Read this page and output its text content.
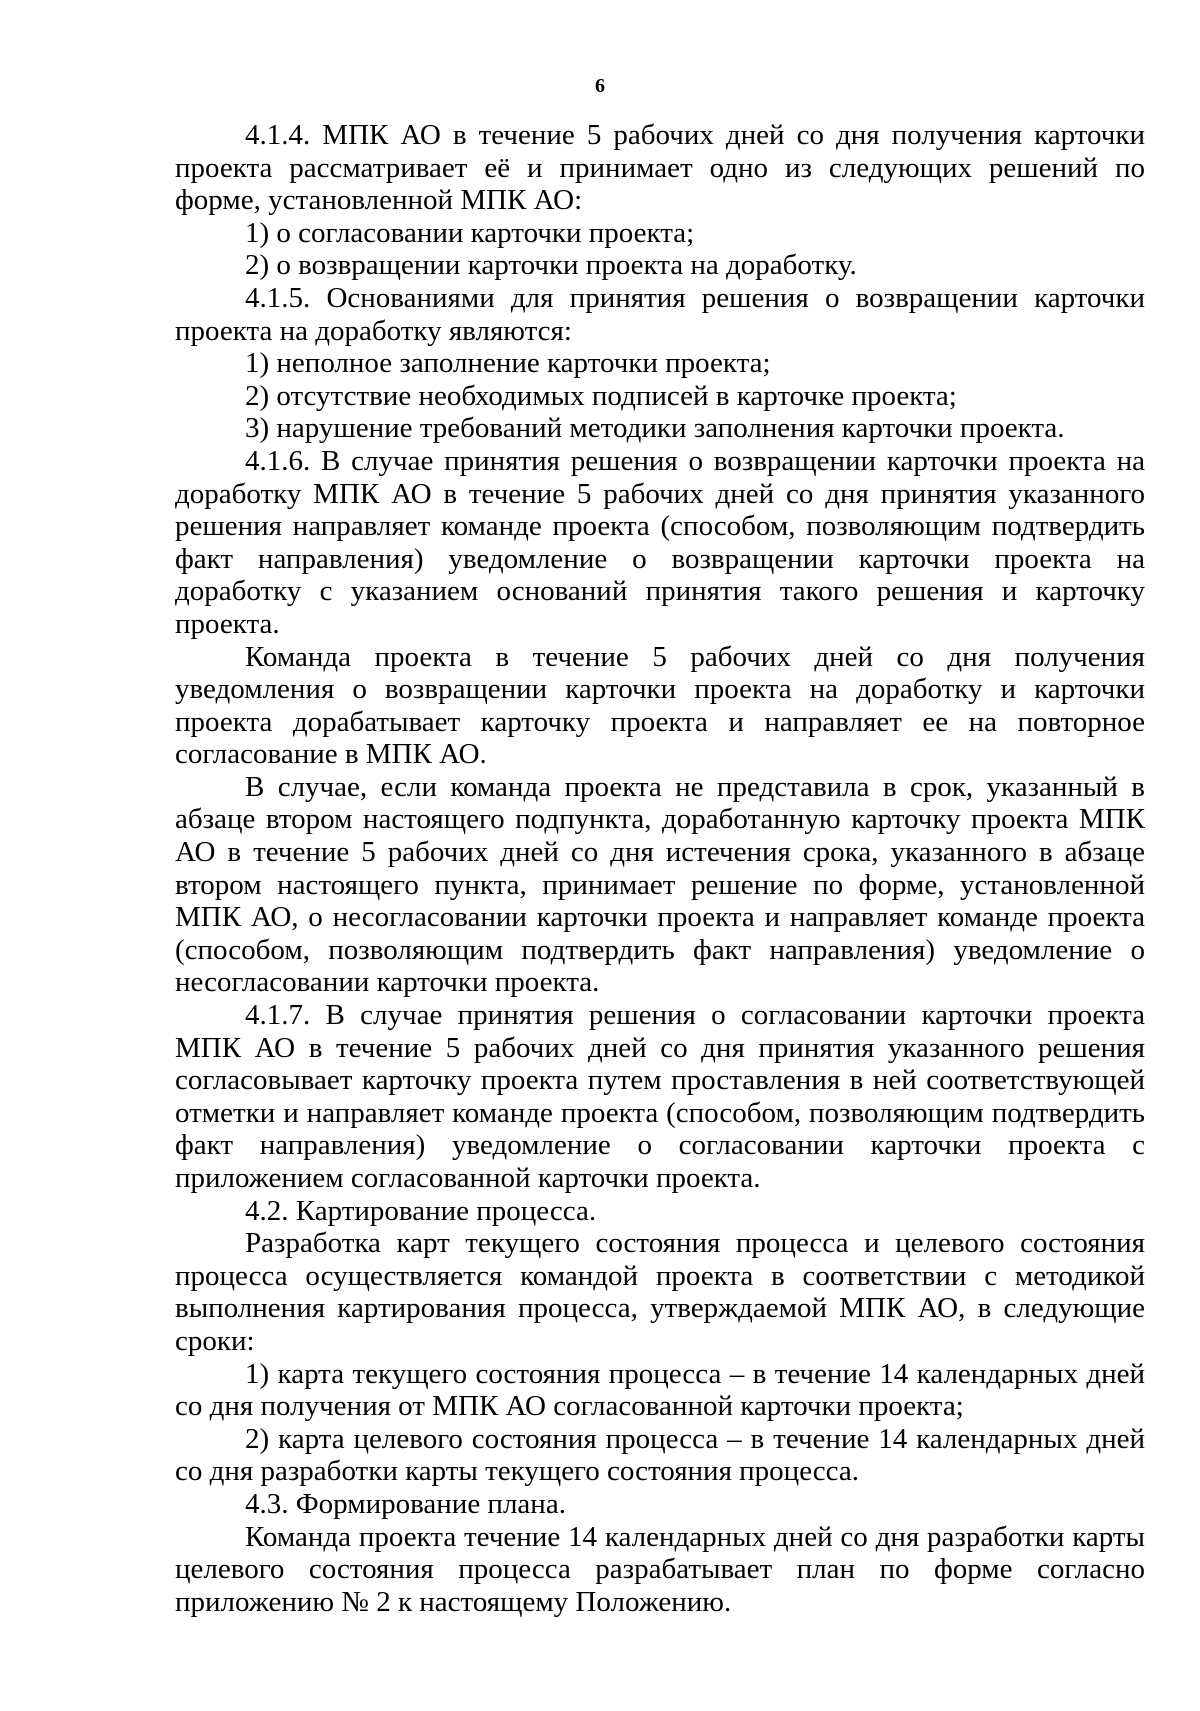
6

4.1.4. МПК АО в течение 5 рабочих дней со дня получения карточки проекта рассматривает её и принимает одно из следующих решений по форме, установленной МПК АО:

1) о согласовании карточки проекта;

2) о возвращении карточки проекта на доработку.

4.1.5. Основаниями для принятия решения о возвращении карточки проекта на доработку являются:

1) неполное заполнение карточки проекта;

2) отсутствие необходимых подписей в карточке проекта;

3) нарушение требований методики заполнения карточки проекта.

4.1.6. В случае принятия решения о возвращении карточки проекта на доработку МПК АО в течение 5 рабочих дней со дня принятия указанного решения направляет команде проекта (способом, позволяющим подтвердить факт направления) уведомление о возвращении карточки проекта на доработку с указанием оснований принятия такого решения и карточку проекта.

Команда проекта в течение 5 рабочих дней со дня получения уведомления о возвращении карточки проекта на доработку и карточки проекта дорабатывает карточку проекта и направляет ее на повторное согласование в МПК АО.

В случае, если команда проекта не представила в срок, указанный в абзаце втором настоящего подпункта, доработанную карточку проекта МПК АО в течение 5 рабочих дней со дня истечения срока, указанного в абзаце втором настоящего пункта, принимает решение по форме, установленной МПК АО, о несогласовании карточки проекта и направляет команде проекта (способом, позволяющим подтвердить факт направления) уведомление о несогласовании карточки проекта.

4.1.7. В случае принятия решения о согласовании карточки проекта МПК АО в течение 5 рабочих дней со дня принятия указанного решения согласовывает карточку проекта путем проставления в ней соответствующей отметки и направляет команде проекта (способом, позволяющим подтвердить факт направления) уведомление о согласовании карточки проекта с приложением согласованной карточки проекта.

4.2. Картирование процесса.

Разработка карт текущего состояния процесса и целевого состояния процесса осуществляется командой проекта в соответствии с методикой выполнения картирования процесса, утверждаемой МПК АО, в следующие сроки:

1) карта текущего состояния процесса – в течение 14 календарных дней со дня получения от МПК АО согласованной карточки проекта;

2) карта целевого состояния процесса – в течение 14 календарных дней со дня разработки карты текущего состояния процесса.

4.3. Формирование плана.

Команда проекта течение 14 календарных дней со дня разработки карты целевого состояния процесса разрабатывает план по форме согласно приложению № 2 к настоящему Положению.
